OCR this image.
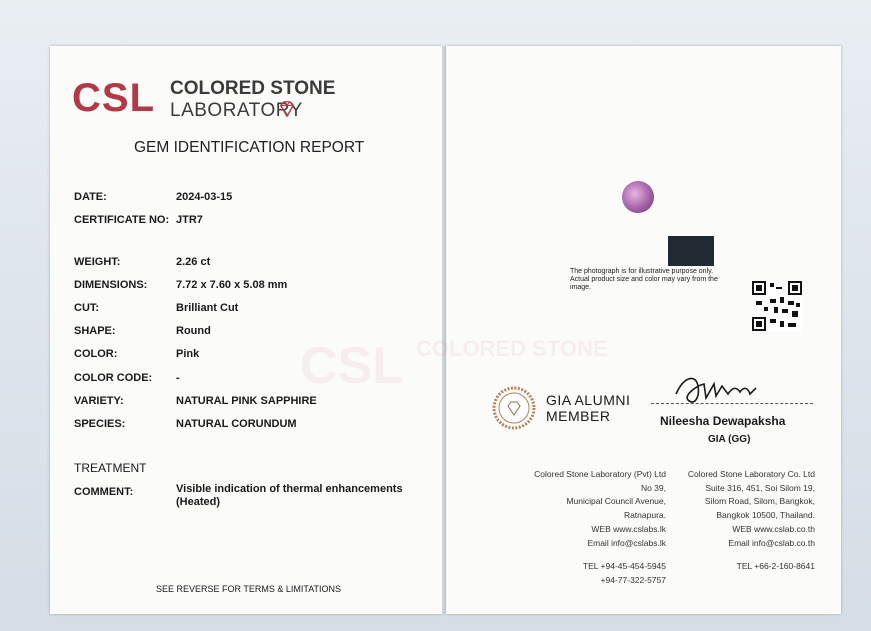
CSL
CSL COLORED STONE
LABORATORY
GEM IDENTIFICATION REPORT
DATE:	2024-03-15
CERTIFICATE NO: JTR7
WEIGHT:	2.26 ct
DIMENSIONS:	7.72 x 7.60 x 5.08 mm
CUT:	Brilliant Cut
SHAPE:	Round
COLOR:	Pink
COLOR CODE: -
VARIETY:	NATURAL PINK SAPPHIRE
SPECIES:	NATURAL CORUNDUM
TREATMENT
COMMENT:	Visible indication of thermal enhancements (Heated)
SEE REVERSE FOR TERMS & LIMITATIONS
COLORED STONE
The photograph is for illustrative purpose only. Actual product size and color may vary from the image.
GIA ALUMNI
MEMBER	Nileesha Dewapakshа
GIA (GG)
Colored Stone Laboratory (Pvt) Ltd
No 39,
Municipal Council Avenue,
Ratnapura.
WEB www.cslabs.lk
Email info@cslabs.lk
TEL +94-45-454-5945
+94-77-322-5757
Colored Stone Laboratory Co. Ltd
Suite 316, 451, Soi Silom 19,
Silom Road, Silom, Bangkok,
Bangkok 10500, Thailand.
WEB www.cslab.co.th
Email info@cslab.co.th
TEL +66-2-160-8641
